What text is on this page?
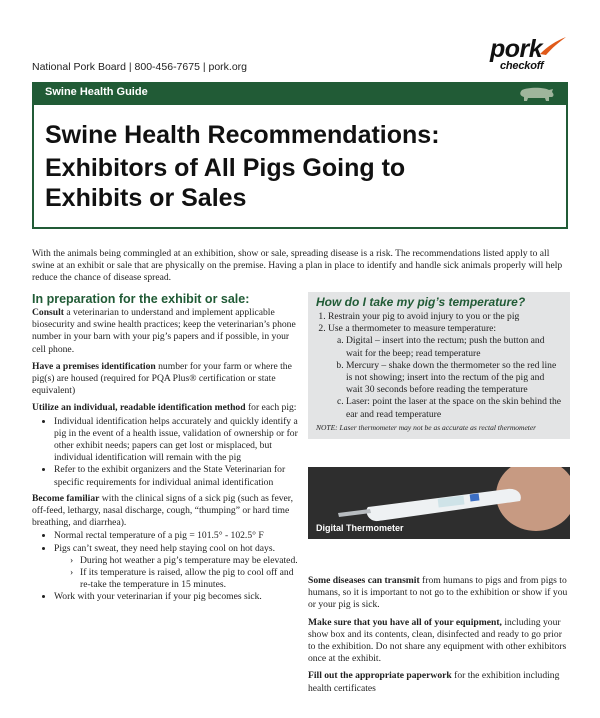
National Pork Board | 800-456-7675 | pork.org
pork
checkoff
Swine Health Guide
Swine Health Recommendations:
Exhibitors of All Pigs Going to Exhibits or Sales
With the animals being commingled at an exhibition, show or sale, spreading disease is a risk. The recommendations listed apply to all swine at an exhibit or sale that are physically on the premise. Having a plan in place to identify and handle sick animals properly will help reduce the chance of disease spread.
In preparation for the exhibit or sale:

Consult a veterinarian to understand and implement applicable biosecurity and swine health practices; keep the veterinarian’s phone number in your barn with your pig’s papers and if possible, in your cell phone.

Have a premises identification number for your farm or where the pig(s) are housed (required for PQA Plus® certification or state equivalent)

Utilize an individual, readable identification method for each pig:

• Individual identification helps accurately and quickly identify a pig in the event of a health issue, validation of ownership or for other exhibit needs; papers can get lost or misplaced, but individual identification will remain with the pig
• Refer to the exhibit organizers and the State Veterinarian for specific requirements for individual animal identification

Become familiar with the clinical signs of a sick pig (such as fever, off-feed, lethargy, nasal discharge, cough, “thumping” or hard time breathing, and diarrhea).

• Normal rectal temperature of a pig = 101.5° - 102.5° F
• Pigs can’t sweat, they need help staying cool on hot days.
› During hot weather a pig’s temperature may be elevated.
› If its temperature is raised, allow the pig to cool off and re-take the temperature in 15 minutes.
• Work with your veterinarian if your pig becomes sick.
How do I take my pig’s temperature?
1. Restrain your pig to avoid injury to you or the pig
2. Use a thermometer to measure temperature:
a. Digital – insert into the rectum; push the button and wait for the beep; read temperature
b. Mercury – shake down the thermometer so the red line is not showing; insert into the rectum of the pig and wait 30 seconds before reading the temperature
c. Laser: point the laser at the space on the skin behind the ear and read temperature
NOTE: Laser thermometer may not be as accurate as rectal thermometer
Digital Thermometer

Some diseases can transmit from humans to pigs and from pigs to humans, so it is important to not go to the exhibition or show if you or your pig is sick.

Make sure that you have all of your equipment, including your show box and its contents, clean, disinfected and ready to go prior to the exhibition. Do not share any equipment with other exhibitors once at the exhibit.

Fill out the appropriate paperwork for the exhibition including health certificates
